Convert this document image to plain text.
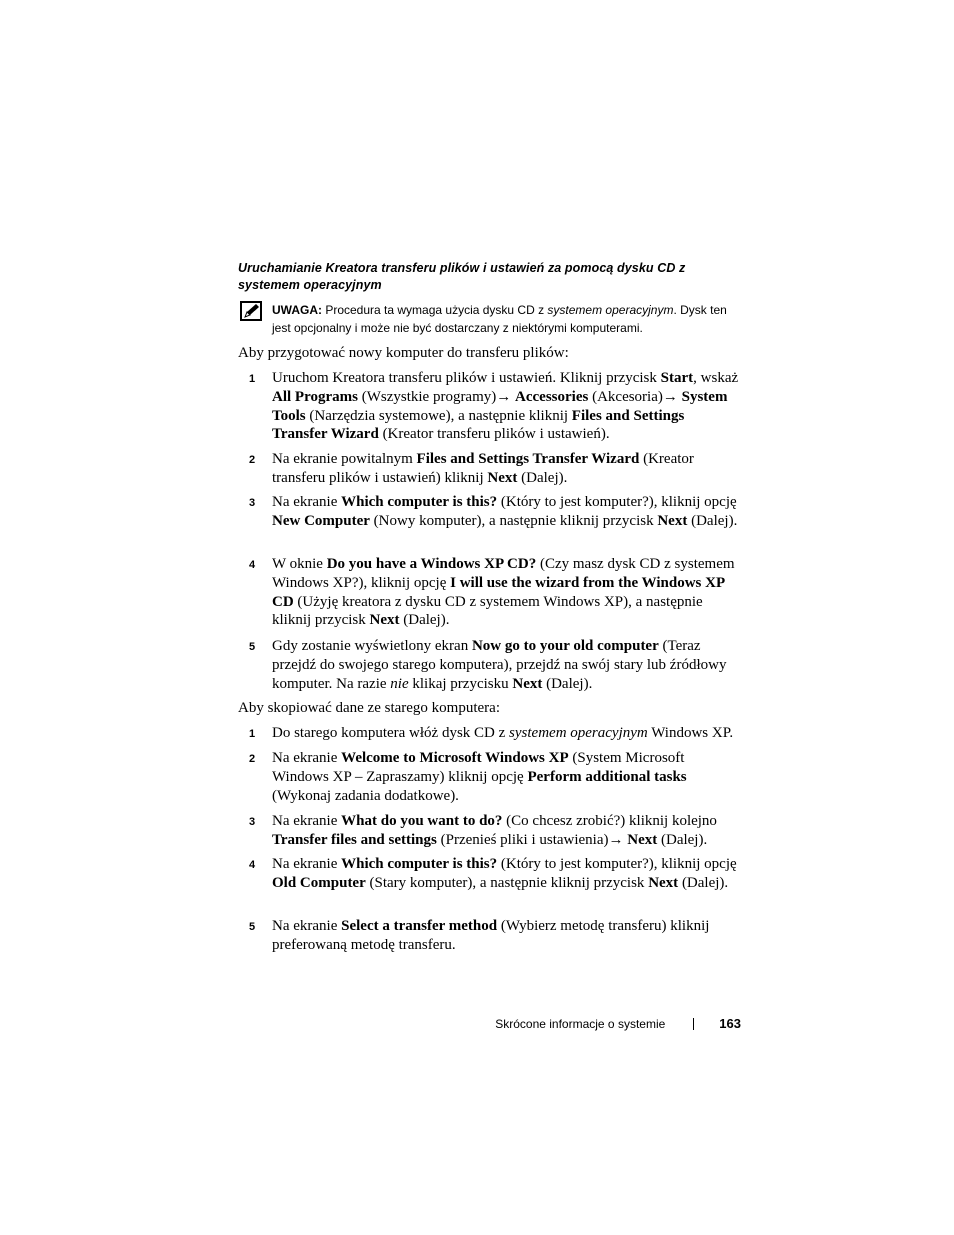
Uruchamianie Kreatora transferu plików i ustawień za pomocą dysku CD z systemem operacyjnym
UWAGA: Procedura ta wymaga użycia dysku CD z systemem operacyjnym. Dysk ten jest opcjonalny i może nie być dostarczany z niektórymi komputerami.
Aby przygotować nowy komputer do transferu plików:
1 Uruchom Kreatora transferu plików i ustawień. Kliknij przycisk Start, wskaż All Programs (Wszystkie programy)→ Accessories (Akcesoria)→ System Tools (Narzędzia systemowe), a następnie kliknij Files and Settings Transfer Wizard (Kreator transferu plików i ustawień).
2 Na ekranie powitalnym Files and Settings Transfer Wizard (Kreator transferu plików i ustawień) kliknij Next (Dalej).
3 Na ekranie Which computer is this? (Który to jest komputer?), kliknij opcję New Computer (Nowy komputer), a następnie kliknij przycisk Next (Dalej).
4 W oknie Do you have a Windows XP CD? (Czy masz dysk CD z systemem Windows XP?), kliknij opcję I will use the wizard from the Windows XP CD (Użyję kreatora z dysku CD z systemem Windows XP), a następnie kliknij przycisk Next (Dalej).
5 Gdy zostanie wyświetlony ekran Now go to your old computer (Teraz przejdź do swojego starego komputera), przejdź na swój stary lub źródłowy komputer. Na razie nie klikaj przycisku Next (Dalej).
Aby skopiować dane ze starego komputera:
1 Do starego komputera włóż dysk CD z systemem operacyjnym Windows XP.
2 Na ekranie Welcome to Microsoft Windows XP (System Microsoft Windows XP – Zapraszamy) kliknij opcję Perform additional tasks (Wykonaj zadania dodatkowe).
3 Na ekranie What do you want to do? (Co chcesz zrobić?) kliknij kolejno Transfer files and settings (Przenieś pliki i ustawienia)→ Next (Dalej).
4 Na ekranie Which computer is this? (Który to jest komputer?), kliknij opcję Old Computer (Stary komputer), a następnie kliknij przycisk Next (Dalej).
5 Na ekranie Select a transfer method (Wybierz metodę transferu) kliknij preferowaną metodę transferu.
Skrócone informacje o systemie	163
